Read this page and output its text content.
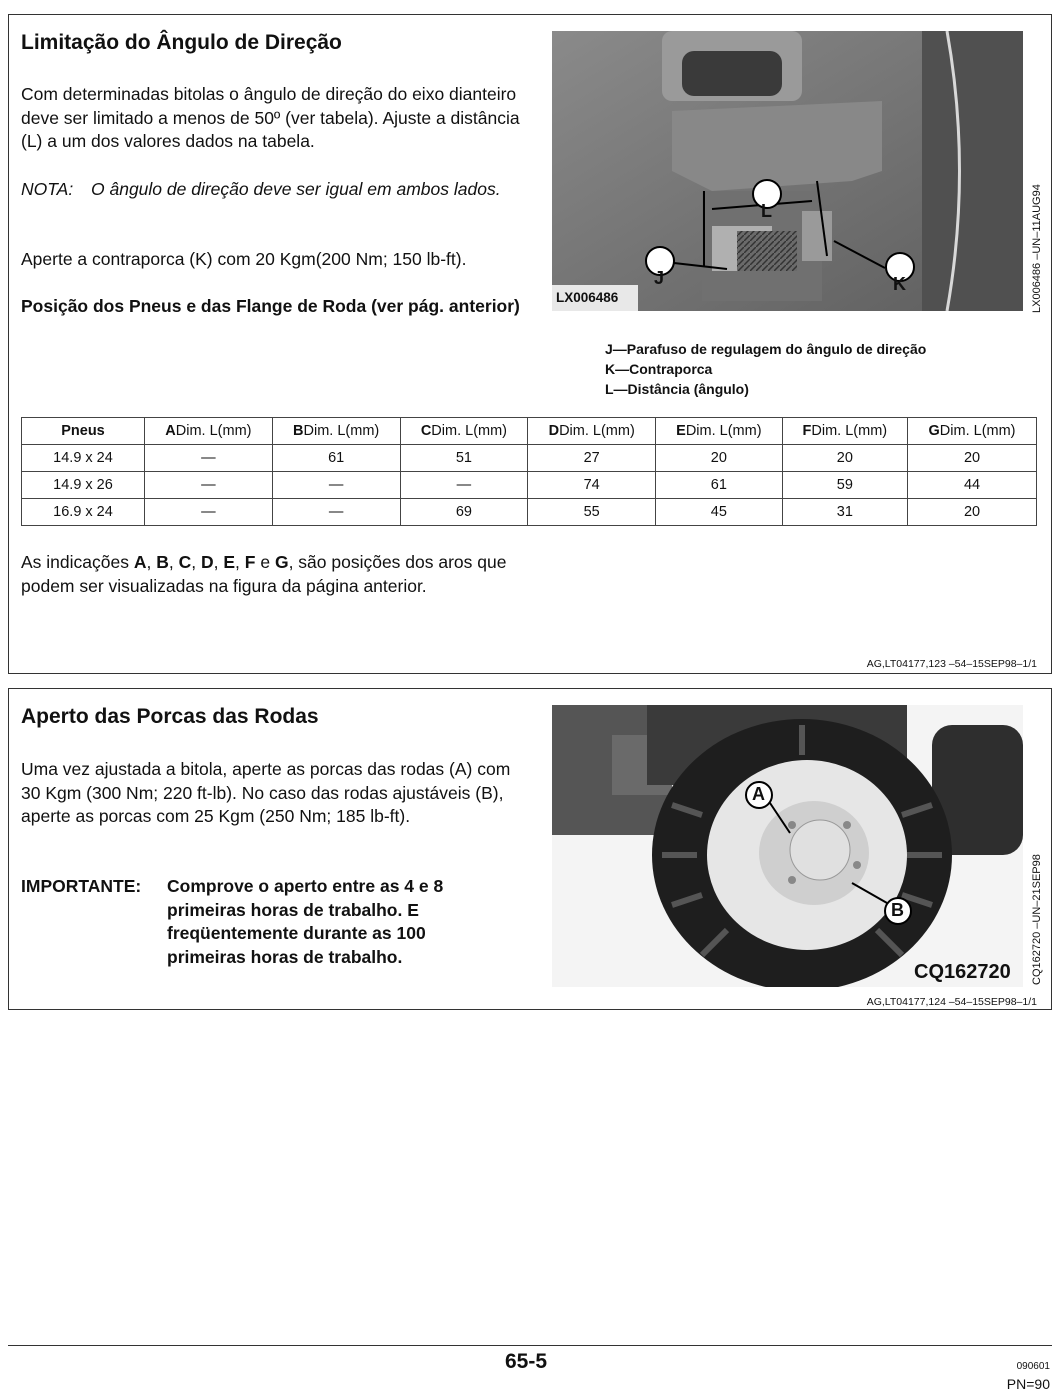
Limitação do Ângulo de Direção

Com determinadas bitolas o ângulo de direção do eixo dianteiro deve ser limitado a menos de 50º (ver tabela). Ajuste a distância (L) a um dos valores dados na tabela.

NOTA: O ângulo de direção deve ser igual em ambos lados.

Aperte a contraporca (K) com 20 Kgm(200 Nm; 150 lb-ft).

Posição dos Pneus e das Flange de Roda (ver pág. anterior)

L
J	K
LX006486	LX006486 –UN–11AUG94
J—Parafuso de regulagem do ângulo de direção
K—Contraporca
L—Distância (ângulo)
Pneus	ADim. L(mm)	BDim. L(mm)	CDim. L(mm)	DDim. L(mm)	EDim. L(mm)	FDim. L(mm)	GDim. L(mm)
14.9 x 24	—	61	51	27	20	20	20
14.9 x 26	—	—	—	74	61	59	44
16.9 x 24	—	—	69	55	45	31	20

As indicações A, B, C, D, E, F e G, são posições dos aros que podem ser visualizadas na figura da página anterior.

AG,LT04177,123 –54–15SEP98–1/1
Aperto das Porcas das Rodas

Uma vez ajustada a bitola, aperte as porcas das rodas (A) com 30 Kgm (300 Nm; 220 ft-lb). No caso das rodas ajustáveis (B), aperte as porcas com 25 Kgm (250 Nm; 185 lb-ft).

IMPORTANTE: Comprove o aperto entre as 4 e 8 primeiras horas de trabalho. E freqüentemente durante as 100 primeiras horas de trabalho.
A
B
CQ162720 CQ162720 –UN–21SEP98
AG,LT04177,124 –54–15SEP98–1/1
65-5	090601
PN=90
